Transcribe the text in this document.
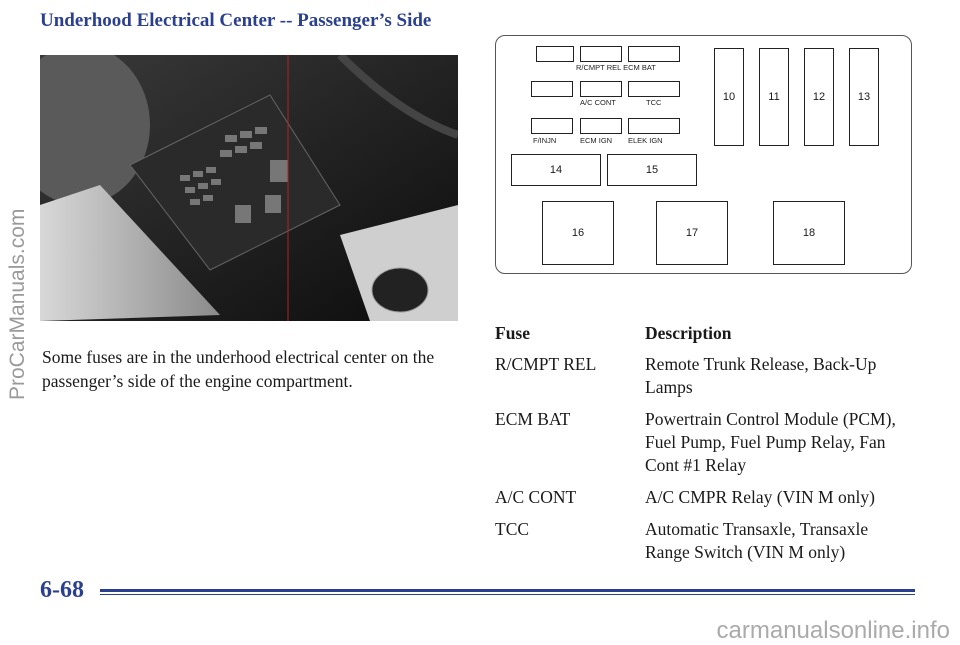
Underhood Electrical Center -- Passenger’s Side
Some fuses are in the underhood electrical center on the passenger’s side of the engine compartment.
R/CMPT REL ECM BAT
A/C CONT	TCC
F/INJN	ECM IGN ELEK IGN
10	11	12	13
14	15
16	17	18
Fuse	Description
R/CMPT REL	Remote Trunk Release, Back-Up Lamps
ECM BAT	Powertrain Control Module (PCM), Fuel Pump, Fuel Pump Relay, Fan Cont #1 Relay
A/C CONT	A/C CMPR Relay (VIN M only)
TCC	Automatic Transaxle, Transaxle Range Switch (VIN M only)
6-68
ProCarManuals.com
carmanualsonline.info
